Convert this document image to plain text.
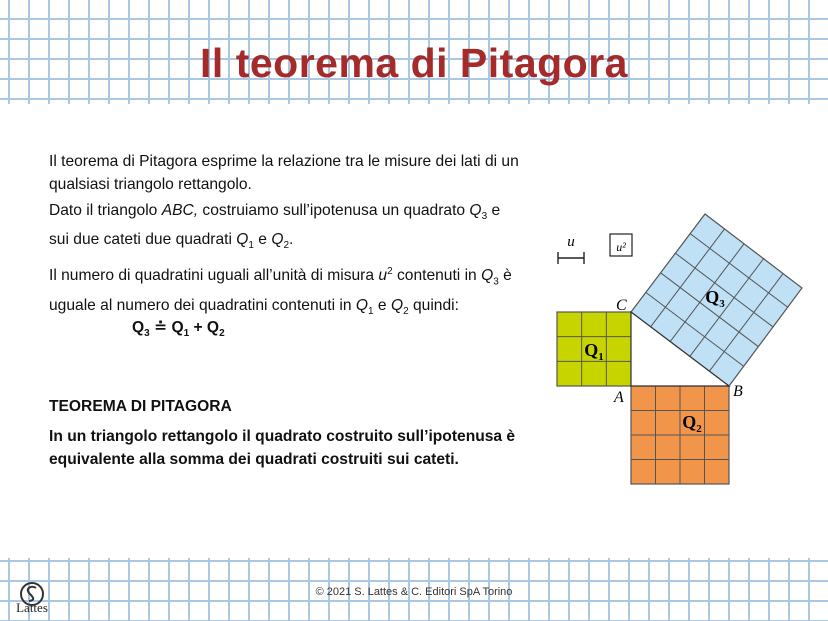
Il teorema di Pitagora

Il teorema di Pitagora esprime la relazione tra le misure dei lati di un qualsiasi triangolo rettangolo.

Dato il triangolo ABC, costruiamo sull’ipotenusa un quadrato $Q_3$ e sui due cateti due quadrati $Q_1$ e $Q_2$.

Il numero di quadratini uguali all’unità di misura $u^2$ contenuti in $Q_3$ è uguale al numero dei quadratini contenuti in $Q_1$ e $Q_2$ quindi:

$Q_3$ ≐ $Q_1 + Q_2$
TEOREMA DI PITAGORA
In un triangolo rettangolo il quadrato costruito sull’ipotenusa è equivalente alla somma dei quadrati costruiti sui cateti.
u	u²
$Q_1$
$Q_2$
$Q_3$
C
A	B
Lattes
© 2021 S. Lattes & C. Editori SpA Torino
